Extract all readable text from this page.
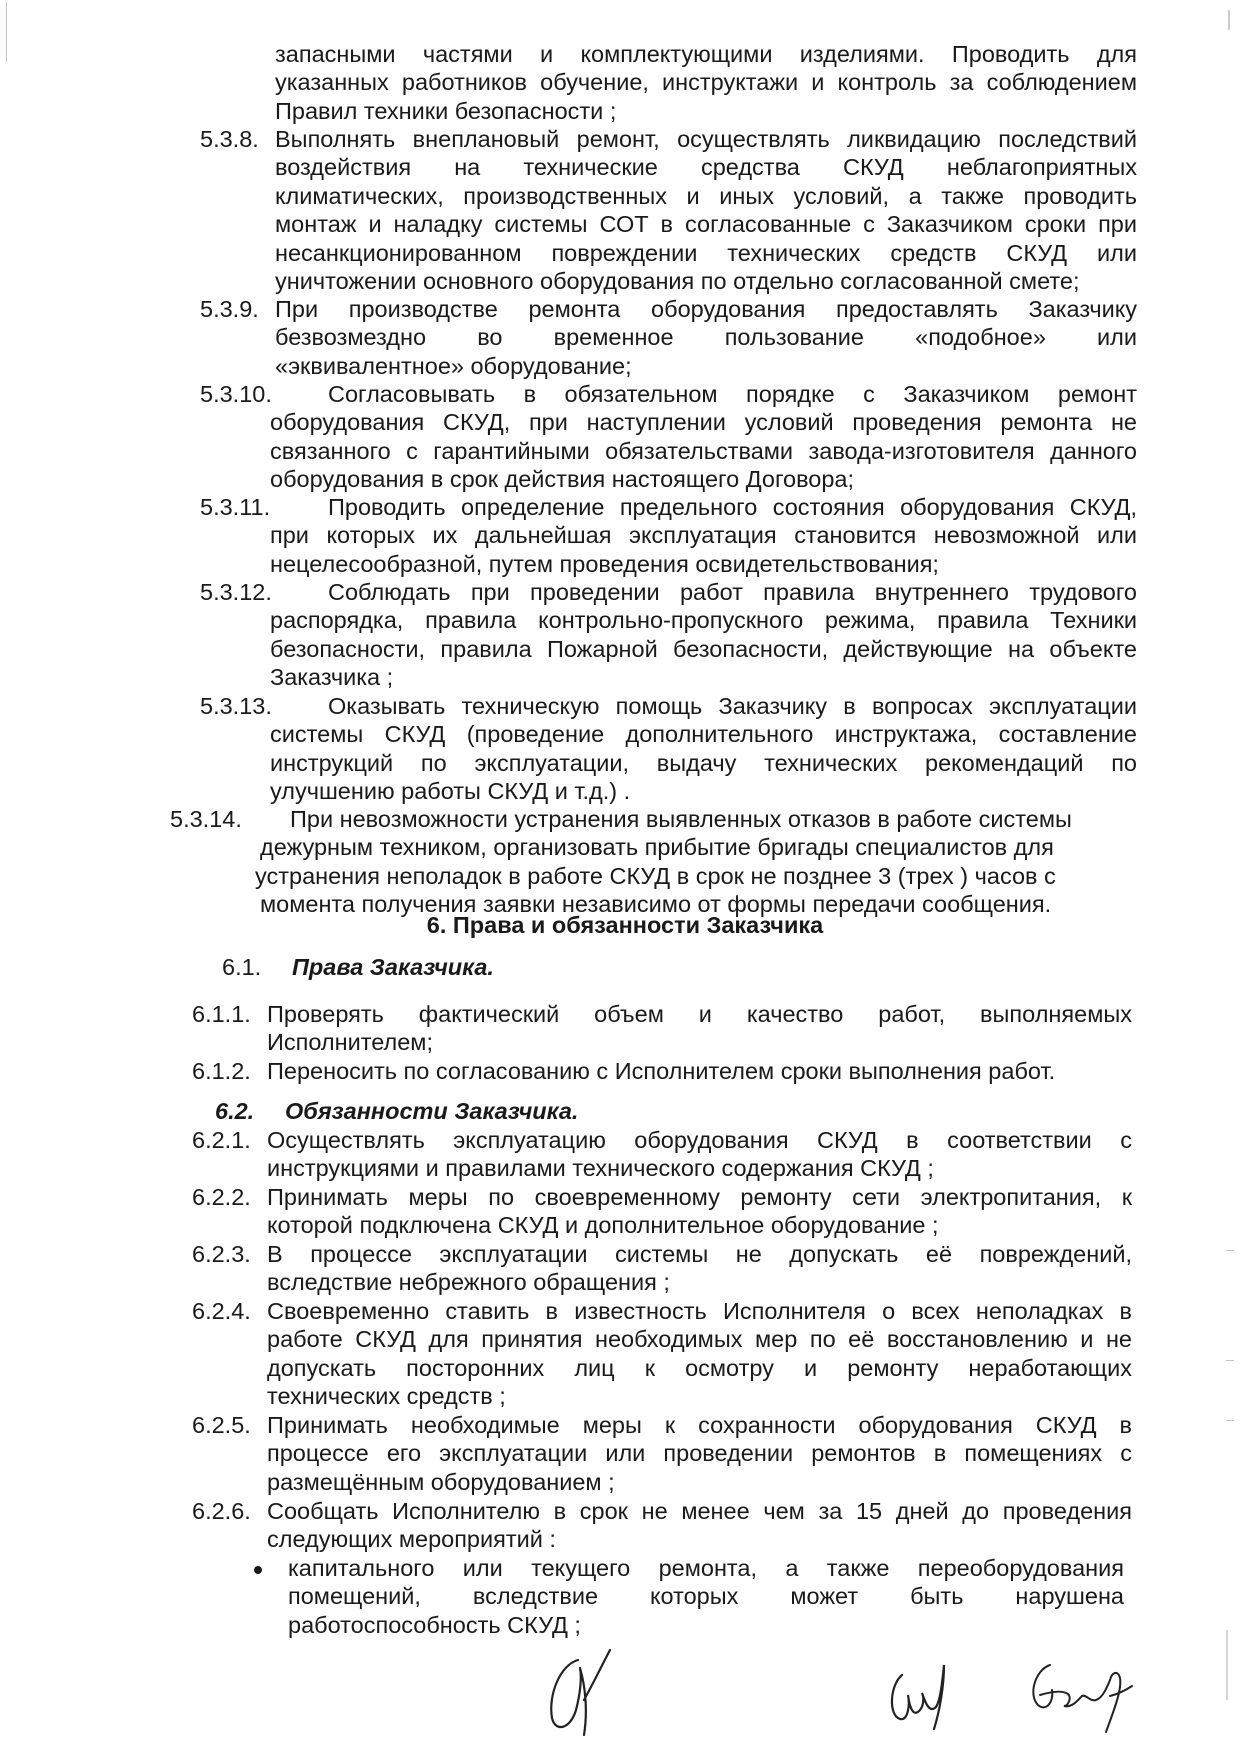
запасными частями и комплектующими изделиями. Проводить для

указанных работников обучение, инструктажи и контроль за соблюдением

Правил техники безопасности ;

5.3.8. Выполнять внеплановый ремонт, осуществлять ликвидацию последствий

воздействия на технические средства СКУД неблагоприятных

климатических, производственных и иных условий, а также проводить

монтаж и наладку системы СОТ в согласованные с Заказчиком сроки при

несанкционированном повреждении технических средств СКУД или

уничтожении основного оборудования по отдельно согласованной смете;

5.3.9. При производстве ремонта оборудования предоставлять Заказчику

безвозмездно во временное пользование «подобное» или

«эквивалентное» оборудование;

5.3.10.	Согласовывать в обязательном порядке с Заказчиком ремонт

оборудования СКУД, при наступлении условий проведения ремонта не

связанного с гарантийными обязательствами завода-изготовителя данного

оборудования в срок действия настоящего Договора;

5.3.11.	Проводить определение предельного состояния оборудования СКУД,

при которых их дальнейшая эксплуатация становится невозможной или

нецелесообразной, путем проведения освидетельствования;

5.3.12.	Соблюдать при проведении работ правила внутреннего трудового

распорядка, правила контрольно-пропускного режима, правила Техники

безопасности, правила Пожарной безопасности, действующие на объекте

Заказчика ;

5.3.13.	Оказывать техническую помощь Заказчику в вопросах эксплуатации

системы СКУД (проведение дополнительного инструктажа, составление

инструкций по эксплуатации, выдачу технических рекомендаций по

улучшению работы СКУД и т.д.) .

5.3.14.	При невозможности устранения выявленных отказов в работе системы

дежурным техником, организовать прибытие бригады специалистов для

устранения неполадок в работе СКУД в срок не позднее 3 (трех ) часов с

момента получения заявки независимо от формы передачи сообщения.

6. Права и обязанности Заказчика
6.1.	Права Заказчика.
6.1.1. Проверять фактический объем и качество работ, выполняемых

Исполнителем;

6.1.2. Переносить по согласованию с Исполнителем сроки выполнения работ.

6.2.	Обязанности Заказчика.
6.2.1. Осуществлять эксплуатацию оборудования СКУД в соответствии с

инструкциями и правилами технического содержания СКУД ;

6.2.2. Принимать меры по своевременному ремонту сети электропитания, к

которой подключена СКУД и дополнительное оборудование ;

6.2.3. В процессе эксплуатации системы не допускать её повреждений,

вследствие небрежного обращения ;

6.2.4. Своевременно ставить в известность Исполнителя о всех неполадках в

работе СКУД для принятия необходимых мер по её восстановлению и не

допускать посторонних лиц к осмотру и ремонту неработающих

технических средств ;

6.2.5. Принимать необходимые меры к сохранности оборудования СКУД в

процессе его эксплуатации или проведении ремонтов в помещениях с

размещённым оборудованием ;

6.2.6. Сообщать Исполнителю в срок не менее чем за 15 дней до проведения

следующих мероприятий :

капитального или текущего ремонта, а также переоборудования

помещений, вследствие которых может быть нарушена

работоспособность СКУД ;
